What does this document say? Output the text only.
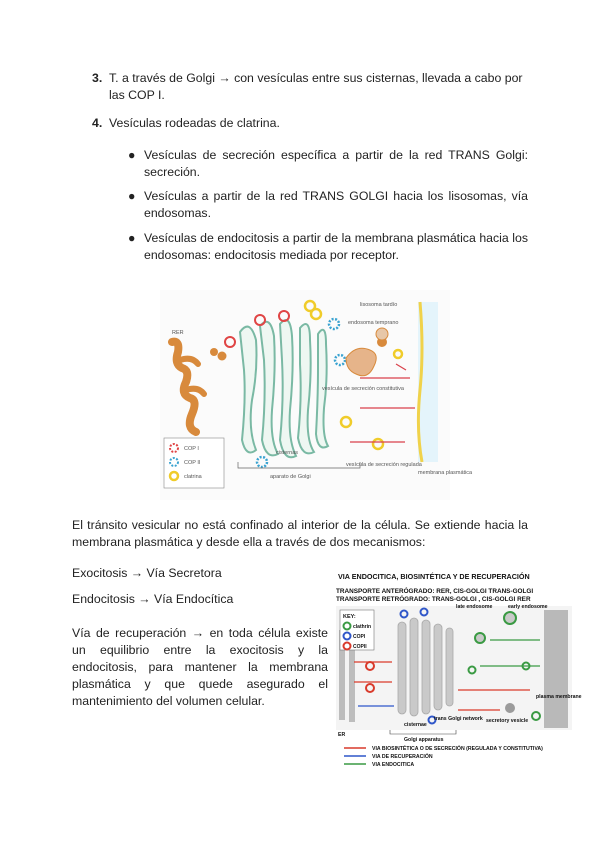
3. T. a través de Golgi → con vesículas entre sus cisternas, llevada a cabo por las COP I.
4. Vesículas rodeadas de clatrina.
● Vesículas de secreción específica a partir de la red TRANS Golgi: secreción.
● Vesículas a partir de la red TRANS GOLGI hacia los lisosomas, vía endosomas.
● Vesículas de endocitosis a partir de la membrana plasmática hacia los endosomas: endocitosis mediada por receptor.
RER
lisosoma tardío
endosoma temprano
vesícula de secreción constitutiva
vesícula de secreción regulada
membrana plasmática
cisternas
aparato de Golgi
COP I
COP II
clatrina
El tránsito vesicular no está confinado al interior de la célula. Se extiende hacia la membrana plasmática y desde ella a través de dos mecanismos:
Exocitosis → Vía Secretora
Endocitosis → Vía Endocítica
Vía de recuperación → en toda célula existe un equilibrio entre la exocitosis y la endocitosis, para mantener la membrana plasmática y que quede asegurado el mantenimiento del volumen celular.
VIA ENDOCITICA, BIOSINTÉTICA Y DE RECUPERACIÓN
TRANSPORTE ANTERÓGRADO: RER, CIS-GOLGI TRANS-GOLGI
TRANSPORTE RETRÓGRADO: TRANS-GOLGI , CIS-GOLGI RER
KEY:
clathrin
COPI
COPII
late endosome	early endosome
ER
cisternae
trans Golgi network secretory vesicle
plasma membrane
Golgi apparatus
VIA BIOSINTÉTICA O DE SECRECIÓN (REGULADA Y CONSTITUTIVA)
VIA DE RECUPERACIÓN
VIA ENDOCITICA
